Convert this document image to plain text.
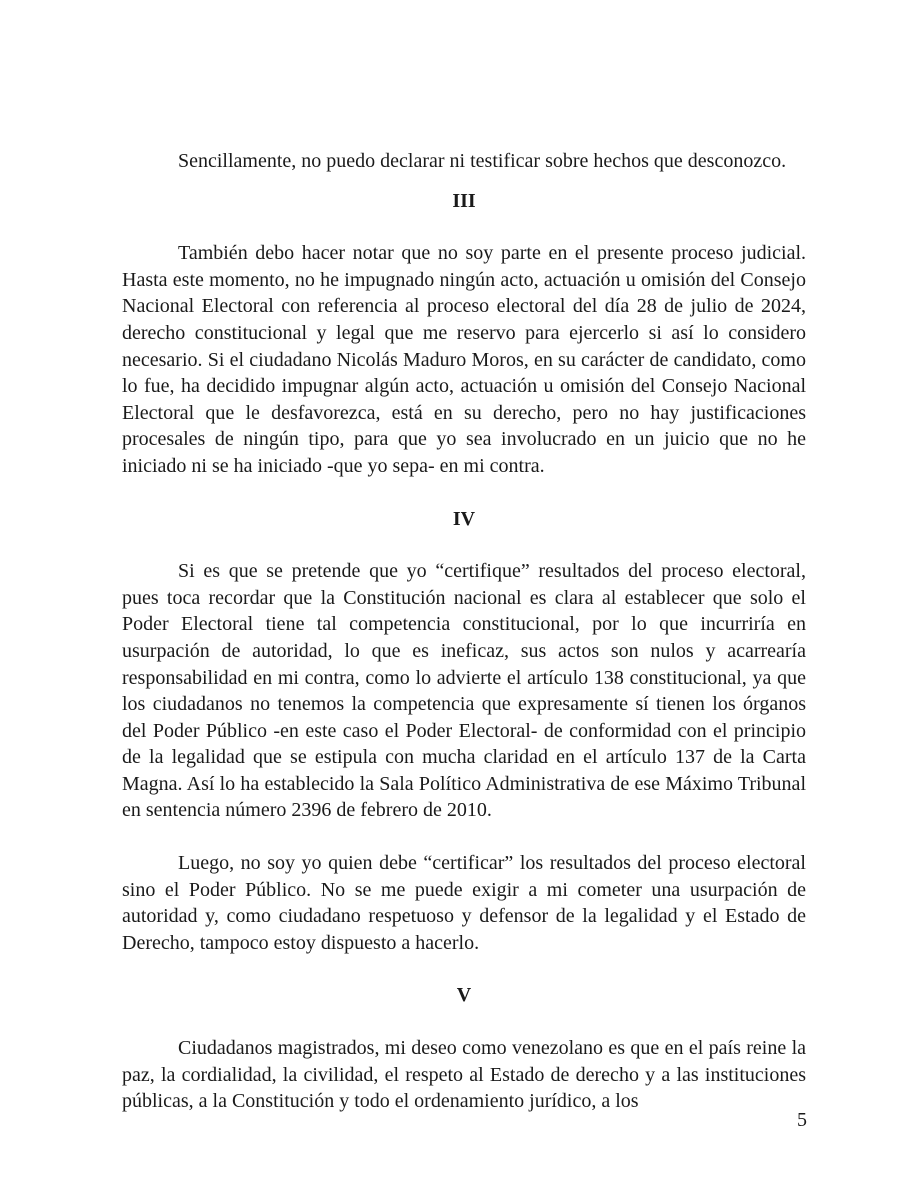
Sencillamente, no puedo declarar ni testificar sobre hechos que desconozco.

III

También debo hacer notar que no soy parte en el presente proceso judicial. Hasta este momento, no he impugnado ningún acto, actuación u omisión del Consejo Nacional Electoral con referencia al proceso electoral del día 28 de julio de 2024, derecho constitucional y legal que me reservo para ejercerlo si así lo considero necesario. Si el ciudadano Nicolás Maduro Moros, en su carácter de candidato, como lo fue, ha decidido impugnar algún acto, actuación u omisión del Consejo Nacional Electoral que le desfavorezca, está en su derecho, pero no hay justificaciones procesales de ningún tipo, para que yo sea involucrado en un juicio que no he iniciado ni se ha iniciado -que yo sepa- en mi contra.

IV

Si es que se pretende que yo “certifique” resultados del proceso electoral, pues toca recordar que la Constitución nacional es clara al establecer que solo el Poder Electoral tiene tal competencia constitucional, por lo que incurriría en usurpación de autoridad, lo que es ineficaz, sus actos son nulos y acarrearía responsabilidad en mi contra, como lo advierte el artículo 138 constitucional, ya que los ciudadanos no tenemos la competencia que expresamente sí tienen los órganos del Poder Público -en este caso el Poder Electoral- de conformidad con el principio de la legalidad que se estipula con mucha claridad en el artículo 137 de la Carta Magna. Así lo ha establecido la Sala Político Administrativa de ese Máximo Tribunal en sentencia número 2396 de febrero de 2010.

Luego, no soy yo quien debe “certificar” los resultados del proceso electoral sino el Poder Público. No se me puede exigir a mi cometer una usurpación de autoridad y, como ciudadano respetuoso y defensor de la legalidad y el Estado de Derecho, tampoco estoy dispuesto a hacerlo.

V

Ciudadanos magistrados, mi deseo como venezolano es que en el país reine la paz, la cordialidad, la civilidad, el respeto al Estado de derecho y a las instituciones públicas, a la Constitución y todo el ordenamiento jurídico, a los

5
